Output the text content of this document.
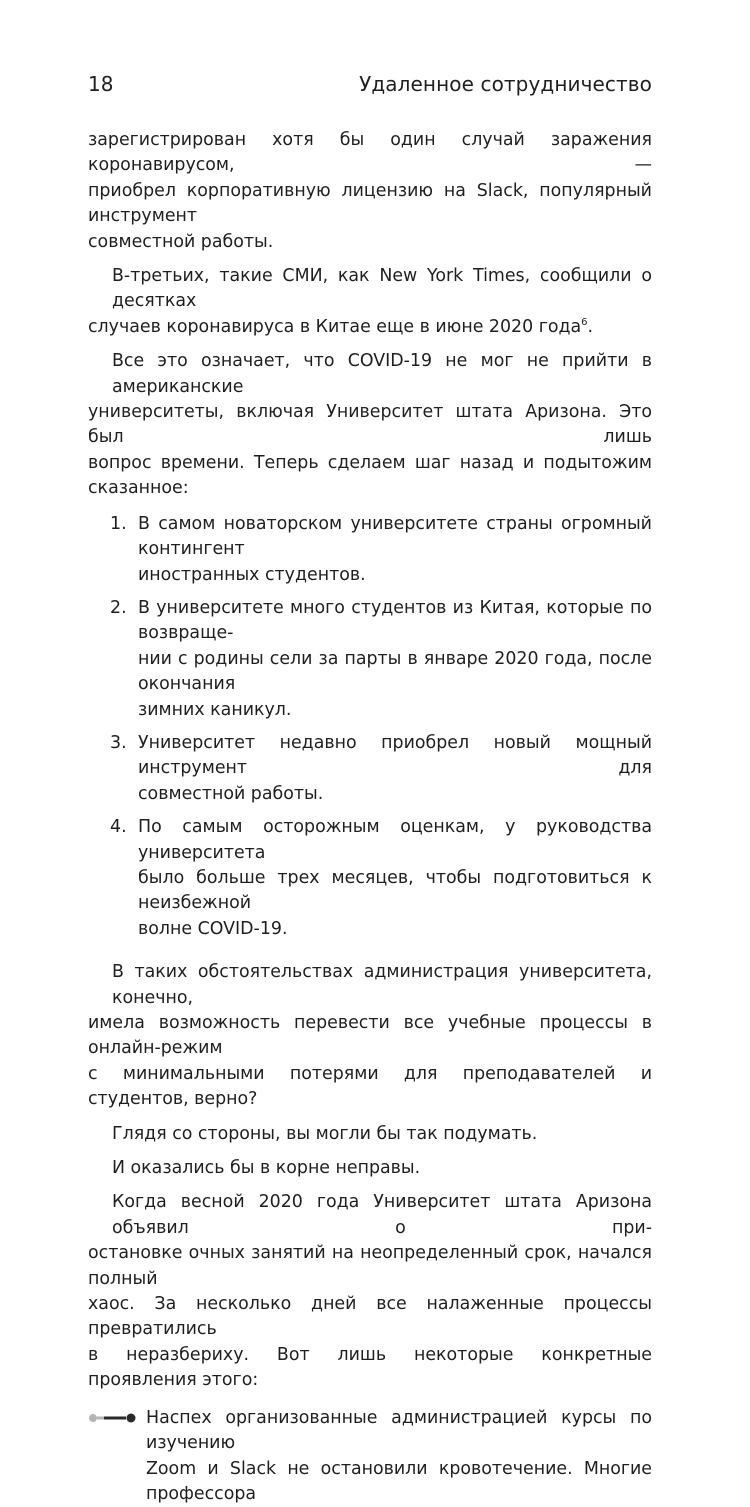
18	Удаленное сотрудничество

зарегистрирован хотя бы один случай заражения коронавирусом, —
приобрел корпоративную лицензию на Slack, популярный инструмент
совместной работы.

В-третьих, такие СМИ, как New York Times, сообщили о десятках
случаев коронавируса в Китае еще в июне 2020 года$^6$.

Все это означает, что COVID-19 не мог не прийти в американские
университеты, включая Университет штата Аризона. Это был лишь
вопрос времени. Теперь сделаем шаг назад и подытожим сказанное:

1. В самом новаторском университете страны огромный контингент
иностранных студентов.
2. В университете много студентов из Китая, которые по возвраще-
нии с родины сели за парты в январе 2020 года, после окончания
зимних каникул.
3. Университет недавно приобрел новый мощный инструмент для
совместной работы.
4. По самым осторожным оценкам, у руководства университета
было больше трех месяцев, чтобы подготовиться к неизбежной
волне COVID-19.

В таких обстоятельствах администрация университета, конечно,
имела возможность перевести все учебные процессы в онлайн-режим
с минимальными потерями для преподавателей и студентов, верно?

Глядя со стороны, вы могли бы так подумать.

И оказались бы в корне неправы.

Когда весной 2020 года Университет штата Аризона объявил о при-
остановке очных занятий на неопределенный срок, начался полный
хаос. За несколько дней все налаженные процессы превратились
в неразбериху. Вот лишь некоторые конкретные проявления этого:

Наспех организованные администрацией курсы по изучению
Zoom и Slack не остановили кровотечение. Многие профессора
